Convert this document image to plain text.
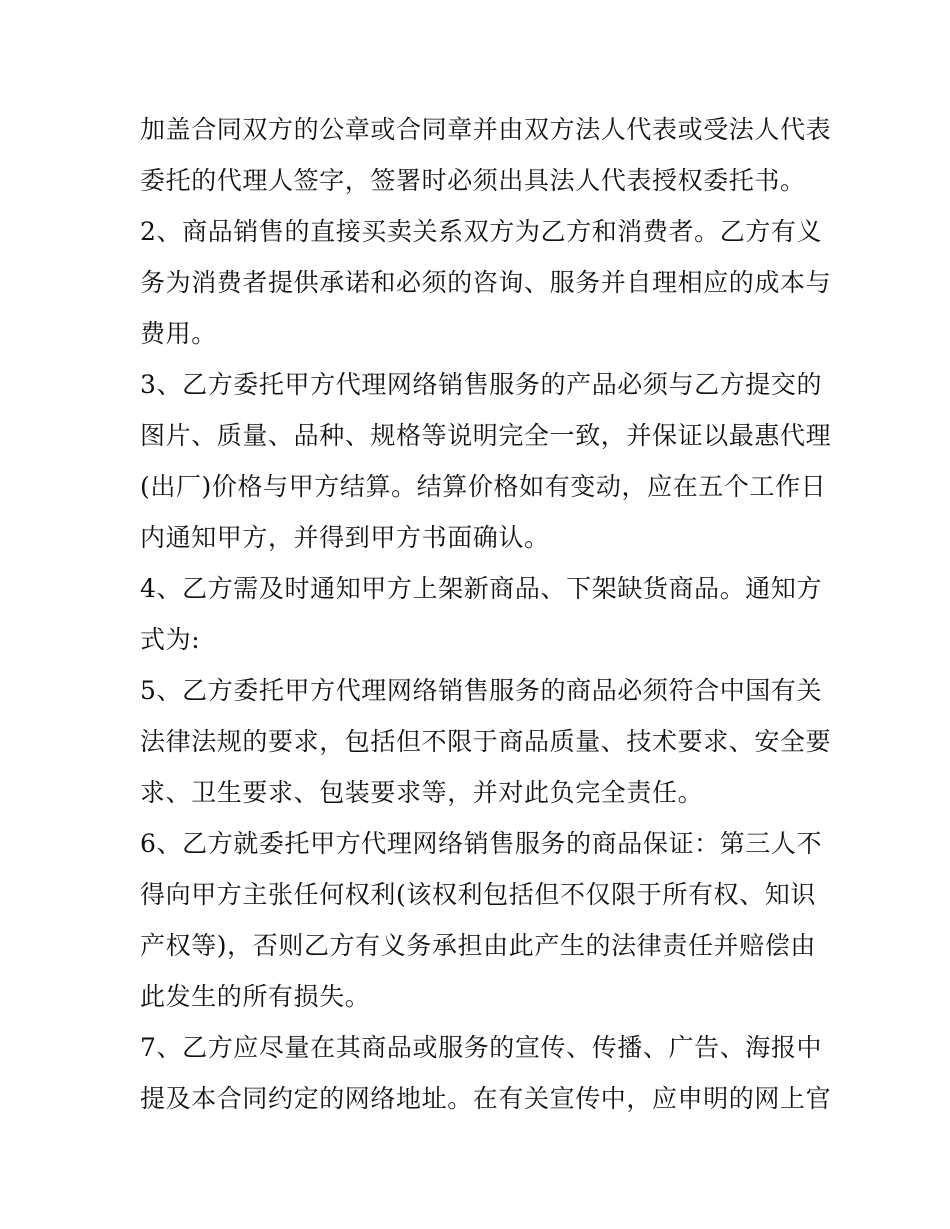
加盖合同双方的公章或合同章并由双方法人代表或受法人代表
委托的代理人签字，签署时必须出具法人代表授权委托书。
2、商品销售的直接买卖关系双方为乙方和消费者。乙方有义
务为消费者提供承诺和必须的咨询、服务并自理相应的成本与
费用。
3、乙方委托甲方代理网络销售服务的产品必须与乙方提交的
图片、质量、品种、规格等说明完全一致，并保证以最惠代理
(出厂)价格与甲方结算。结算价格如有变动，应在五个工作日
内通知甲方，并得到甲方书面确认。
4、乙方需及时通知甲方上架新商品、下架缺货商品。通知方
式为:
5、乙方委托甲方代理网络销售服务的商品必须符合中国有关
法律法规的要求，包括但不限于商品质量、技术要求、安全要
求、卫生要求、包装要求等，并对此负完全责任。
6、乙方就委托甲方代理网络销售服务的商品保证：第三人不
得向甲方主张任何权利(该权利包括但不仅限于所有权、知识
产权等)，否则乙方有义务承担由此产生的法律责任并赔偿由
此发生的所有损失。
7、乙方应尽量在其商品或服务的宣传、传播、广告、海报中
提及本合同约定的网络地址。在有关宣传中，应申明的网上官
